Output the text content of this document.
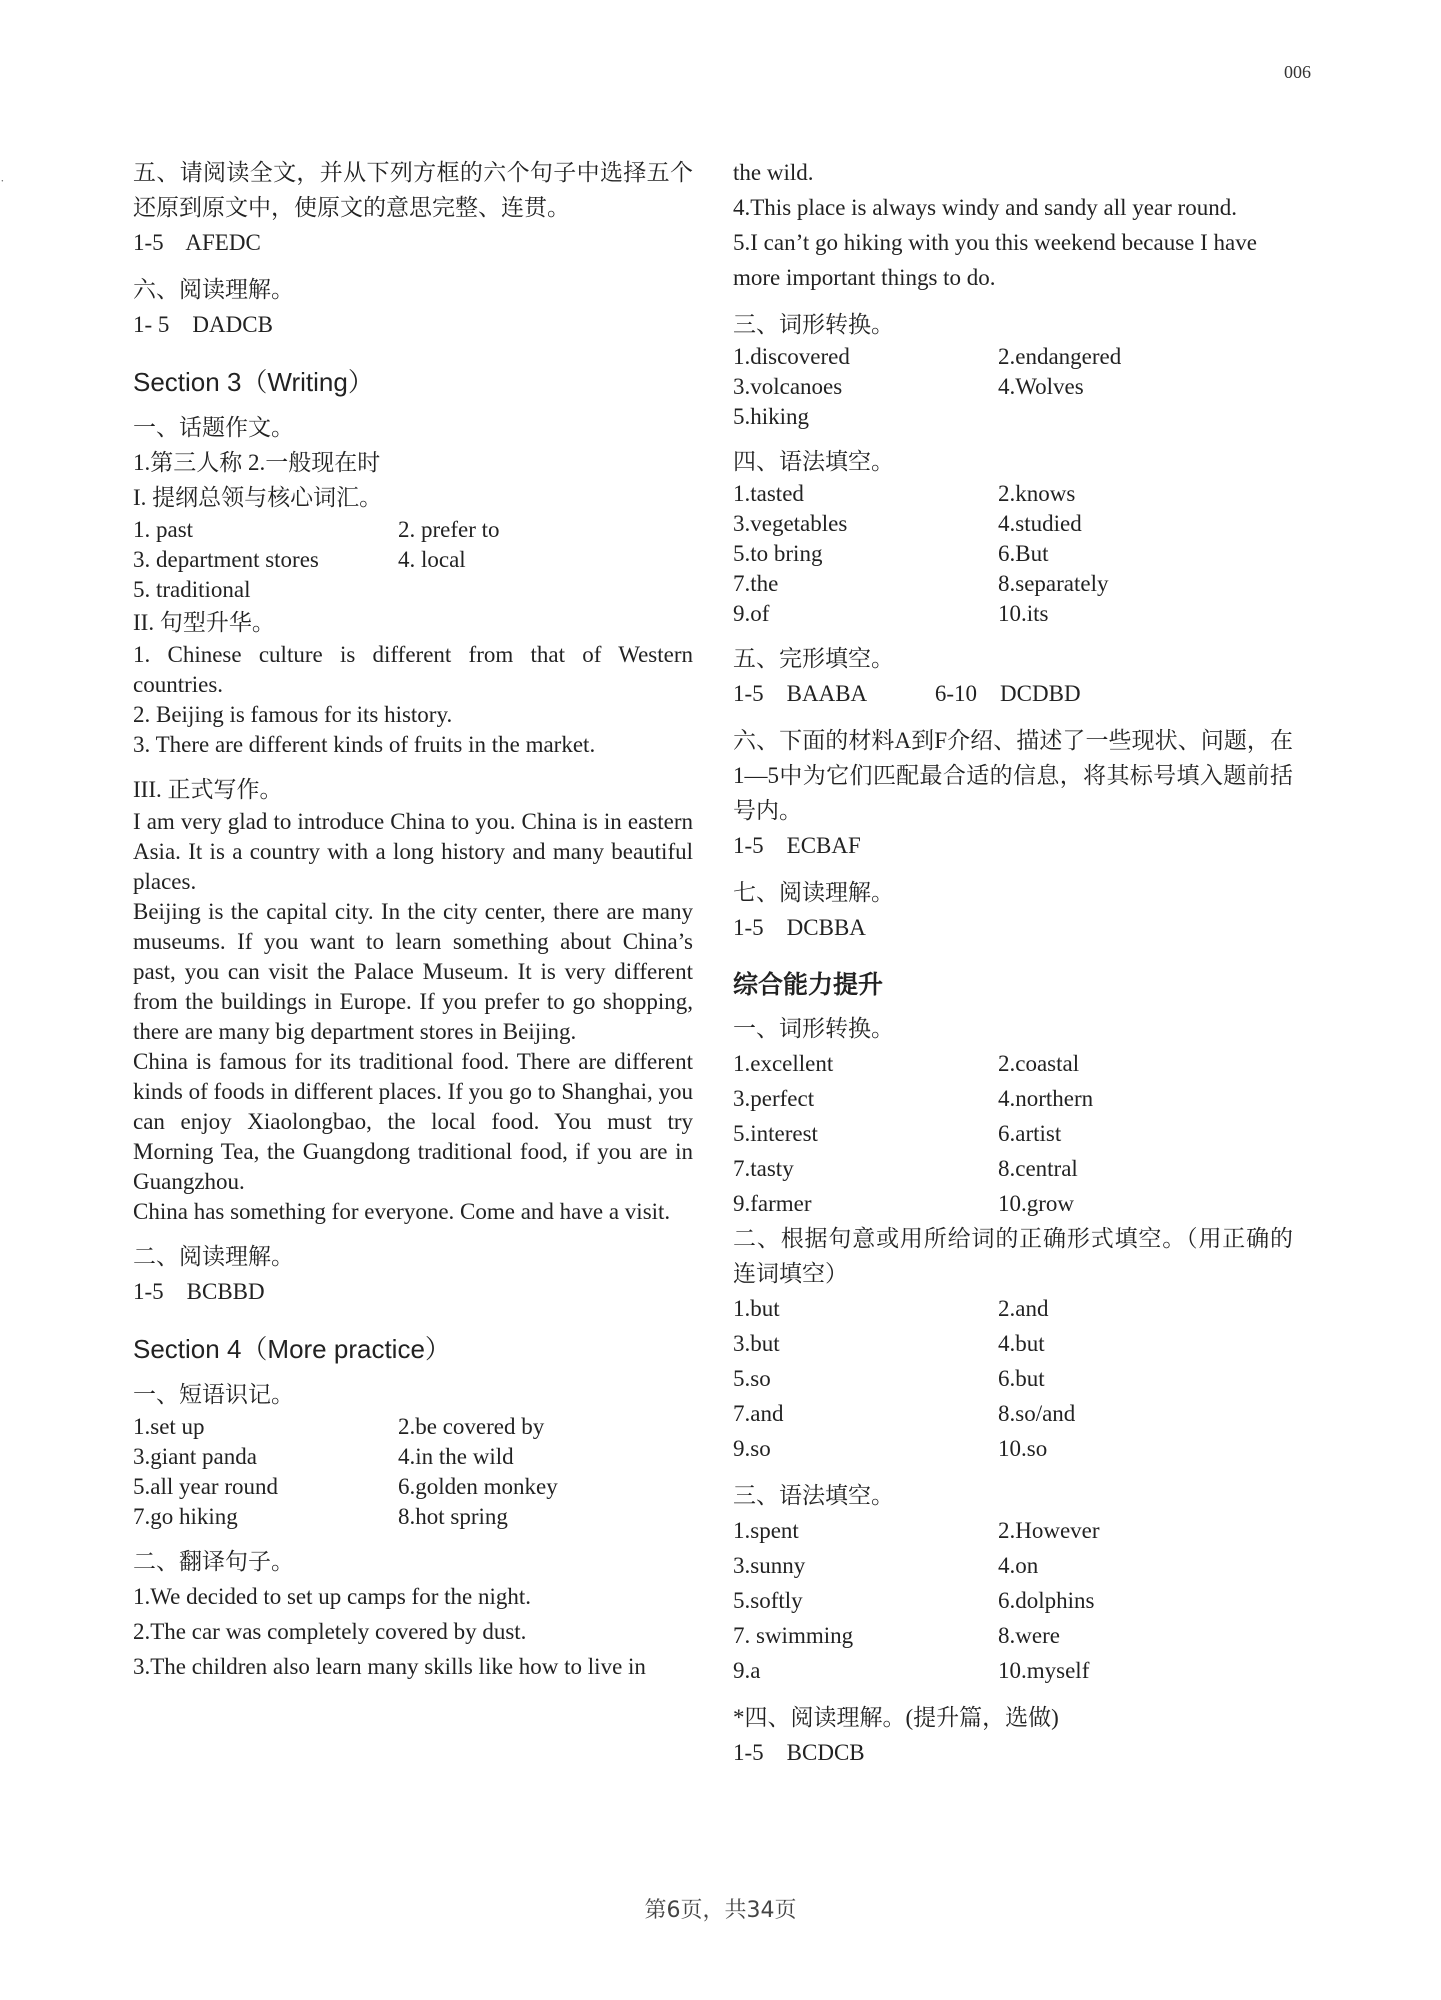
006
˙
五、请阅读全文，并从下列方框的六个句子中选择五个还原到原文中，使原文的意思完整、连贯。
1-5    AFEDC
六、阅读理解。
1- 5    DADCB
Section 3（Writing）
一、话题作文。
1.第三人称 2.一般现在时
I. 提纲总领与核心词汇。
1. past	2. prefer to
3. department stores	4. local
5. traditional
II. 句型升华。
1. Chinese culture is different from that of Western countries.
2. Beijing is famous for its history.
3. There are different kinds of fruits in the market.
III. 正式写作。
I am very glad to introduce China to you. China is in eastern Asia. It is a country with a long history and many beautiful places.
Beijing is the capital city. In the city center, there are many museums. If you want to learn something about China’s past, you can visit the Palace Museum. It is very different from the buildings in Europe. If you prefer to go shopping, there are many big department stores in Beijing.
China is famous for its traditional food. There are different kinds of foods in different places. If you go to Shanghai, you can enjoy Xiaolongbao, the local food. You must try Morning Tea, the Guangdong traditional food, if you are in Guangzhou.
China has something for everyone. Come and have a visit.
二、阅读理解。
1-5    BCBBD
Section 4（More practice）
一、短语识记。
1.set up	2.be covered by
3.giant panda	4.in the wild
5.all year round	6.golden monkey
7.go hiking	8.hot spring
二、翻译句子。
1.We decided to set up camps for the night.
2.The car was completely covered by dust.
3.The children also learn many skills like how to live in
the wild.
4.This place is always windy and sandy all year round.
5.I can’t go hiking with you this weekend because I have more important things to do.
三、词形转换。
1.discovered	2.endangered
3.volcanoes	4.Wolves
5.hiking
四、语法填空。
1.tasted	2.knows
3.vegetables	4.studied
5.to bring	6.But
7.the	8.separately
9.of	10.its
五、完形填空。
1-5    BAABA            6-10    DCDBD
六、下面的材料A到F介绍、描述了一些现状、问题，在1—5中为它们匹配最合适的信息，将其标号填入题前括号内。
1-5    ECBAF
七、阅读理解。
1-5    DCBBA
综合能力提升
一、词形转换。
1.excellent	2.coastal
3.perfect	4.northern
5.interest	6.artist
7.tasty	8.central
9.farmer	10.grow
二、根据句意或用所给词的正确形式填空。（用正确的连词填空）
1.but	2.and
3.but	4.but
5.so	6.but
7.and	8.so/and
9.so	10.so
三、语法填空。
1.spent	2.However
3.sunny	4.on
5.softly	6.dolphins
7. swimming	8.were
9.a	10.myself
*四、阅读理解。(提升篇，选做)
1-5    BCDCB
第6页，共34页
